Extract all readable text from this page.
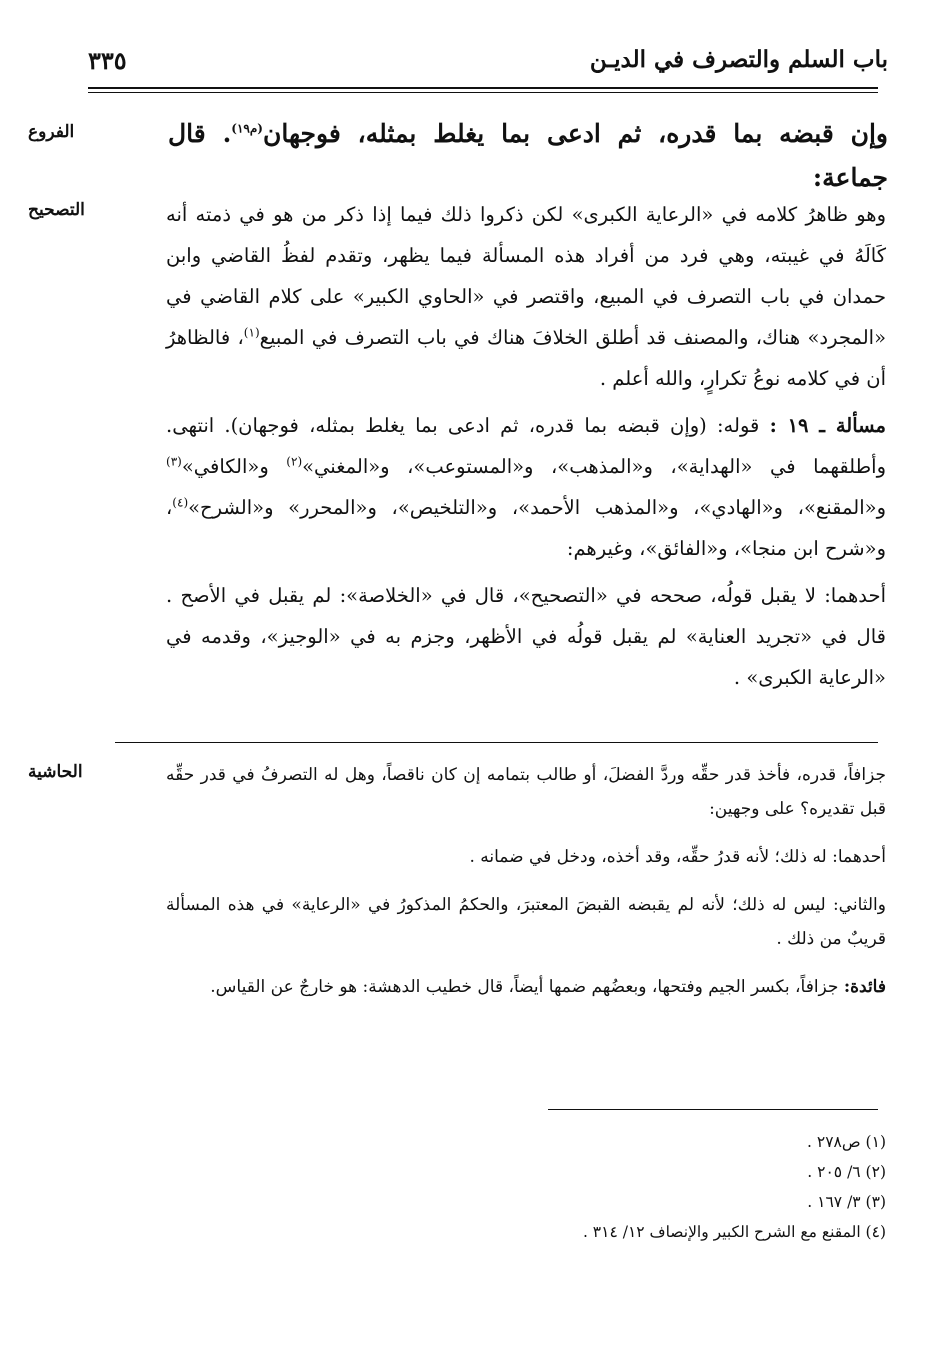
٣٣٥	باب السلم والتصرف في الديـن
الفروع	وإن قبضه بما قدره، ثم ادعى بما يغلط بمثله، فوجهان$^{(م١٩)}$. قال جماعة:
التصحيح	وهو ظاهرُ كلامه في «الرعاية الكبرى» لكن ذكروا ذلك فيما إذا ذكر من هو في ذمته أنه كَالَهُ في غيبته، وهي فرد من أفراد هذه المسألة فيما يظهر، وتقدم لفظُ القاضي وابن حمدان في باب التصرف في المبيع، واقتصر في «الحاوي الكبير» على كلام القاضي في «المجرد» هناك، والمصنف قد أطلق الخلافَ هناك في باب التصرف في المبيع$^{(١)}$، فالظاهرُ أن في كلامه نوعُ تكرارٍ، والله أعلم .

مسألة ـ ١٩ : قوله: (وإن قبضه بما قدره، ثم ادعى بما يغلط بمثله، فوجهان). انتهى. وأطلقهما في «الهداية»، و«المذهب»، و«المستوعب»، و«المغني»$^{(٢)}$ و«الكافي»$^{(٣)}$ و«المقنع»، و«الهادي»، و«المذهب الأحمد»، و«التلخيص»، و«المحرر» و«الشرح»$^{(٤)}$، و«شرح ابن منجا»، و«الفائق»، وغيرهم:

أحدهما: لا يقبل قولُه، صححه في «التصحيح»، قال في «الخلاصة»: لم يقبل في الأصح . قال في «تجريد العناية» لم يقبل قولُه في الأظهر، وجزم به في «الوجيز»، وقدمه في «الرعاية الكبرى» .

الحاشية	جزافاً، قدره، فأخذ قدر حقِّه وردَّ الفضلَ، أو طالب بتمامه إن كان ناقصاً، وهل له التصرفُ في قدر حقِّه قبل تقديره؟ على وجهين:

أحدهما: له ذلك؛ لأنه قدرُ حقِّه، وقد أخذه، ودخل في ضمانه .

والثاني: ليس له ذلك؛ لأنه لم يقبضه القبضَ المعتبرَ، والحكمُ المذكورُ في «الرعاية» في هذه المسألة قريبٌ من ذلك .

فائدة: جزافاً، بكسر الجيم وفتحها، وبعضُهم ضمها أيضاً، قال خطيب الدهشة: هو خارجٌ عن القياس.

(١) ص٢٧٨ .
(٢) ٦/ ٢٠٥ .
(٣) ٣/ ١٦٧ .
(٤) المقنع مع الشرح الكبير والإنصاف ١٢/ ٣١٤ .
